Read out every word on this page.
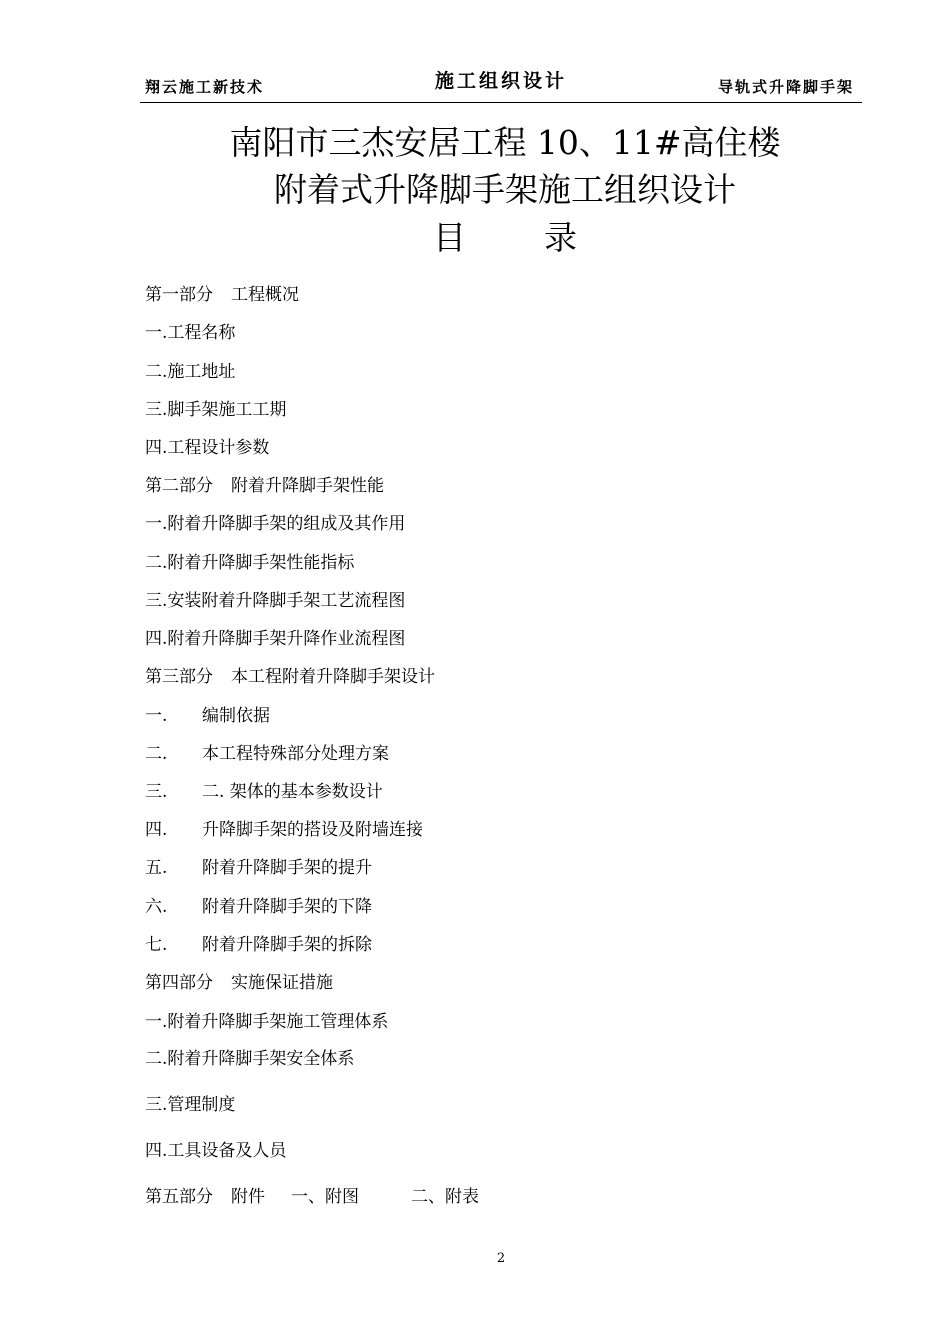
翔云施工新技术	施工组织设计	导轨式升降脚手架
南阳市三杰安居工程 10、11#高住楼
附着式升降脚手架施工组织设计
目 录
第一部分 工程概况
一.工程名称
二.施工地址
三.脚手架施工工期
四.工程设计参数
第二部分 附着升降脚手架性能
一.附着升降脚手架的组成及其作用
二.附着升降脚手架性能指标
三.安装附着升降脚手架工艺流程图
四.附着升降脚手架升降作业流程图
第三部分 本工程附着升降脚手架设计
一. 编制依据
二. 本工程特殊部分处理方案
三. 二. 架体的基本参数设计
四. 升降脚手架的搭设及附墙连接
五. 附着升降脚手架的提升
六. 附着升降脚手架的下降
七. 附着升降脚手架的拆除
第四部分 实施保证措施
一.附着升降脚手架施工管理体系
二.附着升降脚手架安全体系
三.管理制度
四.工具设备及人员
第五部分 附件 一、附图	二、附表
2
